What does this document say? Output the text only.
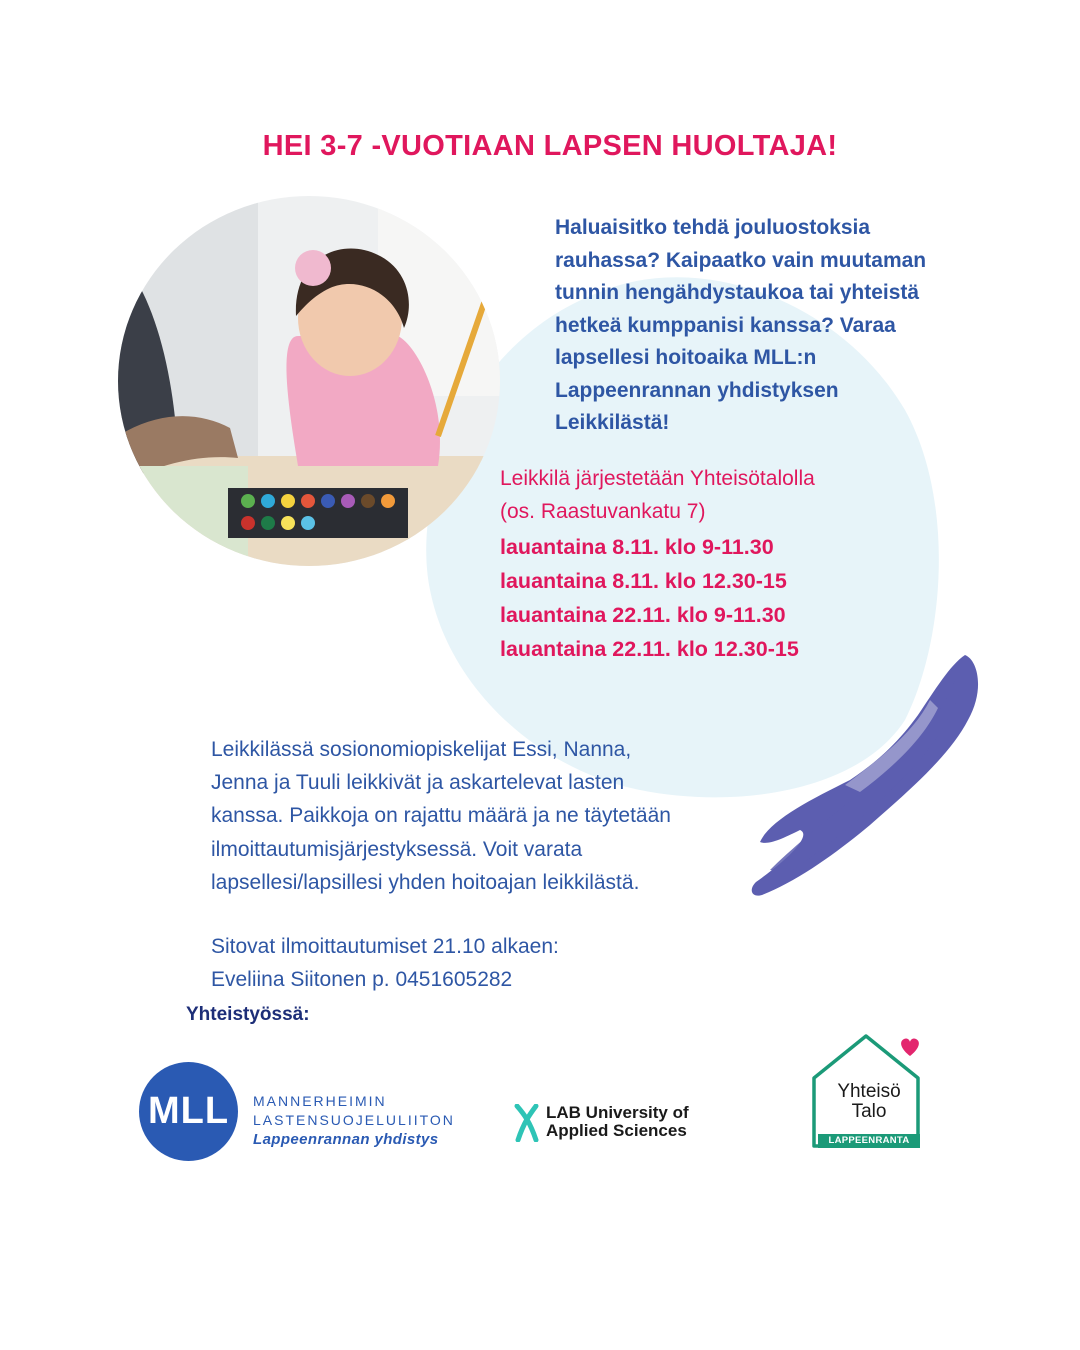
HEI 3-7 -VUOTIAAN LAPSEN HUOLTAJA!
Haluaisitko tehdä jouluostoksia
rauhassa? Kaipaatko vain muutaman
tunnin hengähdystaukoa tai yhteistä
hetkeä kumppanisi kanssa? Varaa
lapsellesi hoitoaika MLL:n
Lappeenrannan yhdistyksen
Leikkilästä!
Leikkilä järjestetään Yhteisötalolla
(os. Raastuvankatu 7)
lauantaina 8.11. klo 9-11.30
lauantaina 8.11. klo 12.30-15
lauantaina 22.11. klo 9-11.30
lauantaina 22.11. klo 12.30-15
Leikkilässä sosionomiopiskelijat Essi, Nanna,
Jenna ja Tuuli leikkivät ja askartelevat lasten
kanssa. Paikkoja on rajattu määrä ja ne täytetään
ilmoittautumisjärjestyksessä. Voit varata
lapsellesi/lapsillesi yhden hoitoajan leikkilästä.
Sitovat ilmoittautumiset 21.10 alkaen:
Eveliina Siitonen p. 0451605282
Yhteistyössä:
MLL	MANNERHEIMIN
LASTENSUOJELULIITON
Lappeenrannan yhdistys
LAB University of
Applied Sciences
Yhteisö
Talo
LAPPEENRANTA
